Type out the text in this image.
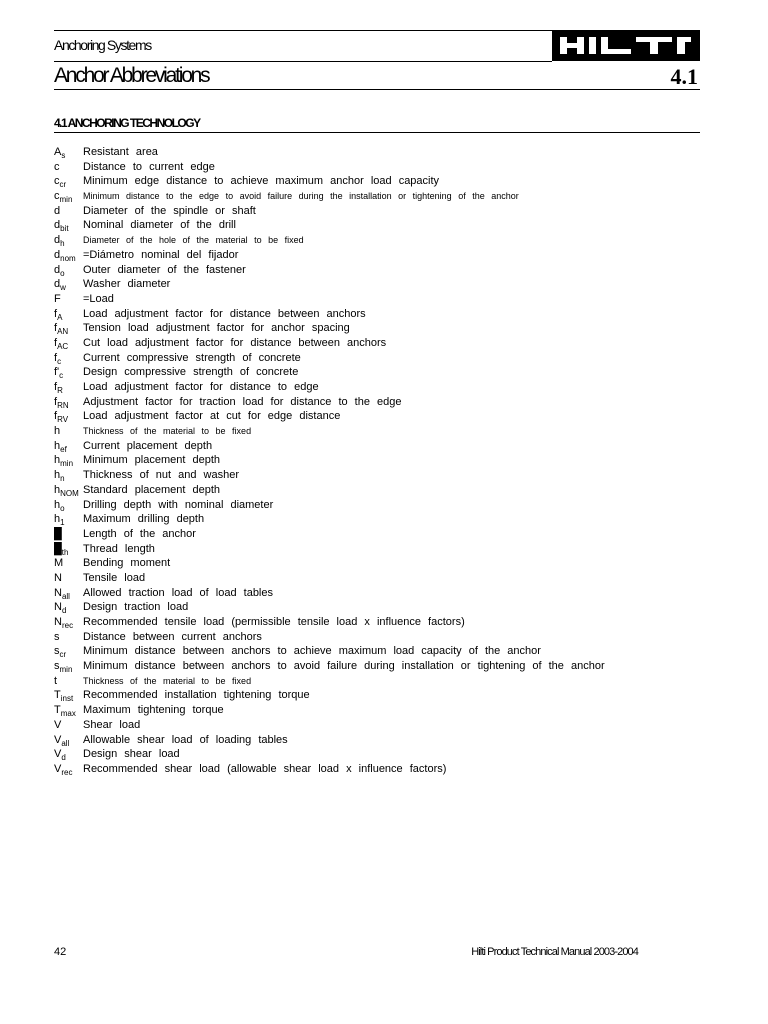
Anchoring Systems
Anchor Abbreviations	4.1
4.1 ANCHORING TECHNOLOGY
$A_s$ Resistant area
c Distance to current edge
$c_{cr}$ Minimum edge distance to achieve maximum anchor load capacity
$c_{min}$ Minimum distance to the edge to avoid failure during the installation or tightening of the anchor
d Diameter of the spindle or shaft
$d_{bit}$ Nominal diameter of the drill
$d_h$ Diameter of the hole of the material to be fixed
$d_{nom}$ =Diámetro nominal del fijador
$d_o$ Outer diameter of the fastener
$d_w$ Washer diameter
F =Load
$f_A$ Load adjustment factor for distance between anchors
$f_{AN}$ Tension load adjustment factor for anchor spacing
$f_{AC}$ Cut load adjustment factor for distance between anchors
$f_c$ Current compressive strength of concrete
$f'_c$ Design compressive strength of concrete
$f_R$ Load adjustment factor for distance to edge
$f_{RN}$ Adjustment factor for traction load for distance to the edge
$f_{RV}$ Load adjustment factor at cut for edge distance
h	Thickness of the material to be fixed
$h_{ef}$ Current placement depth
$h_{min}$ Minimum placement depth
$h_n$ Thickness of nut and washer
$h_{NOM}$ Standard placement depth
$h_o$ Drilling depth with nominal diameter
$h_1$ Maximum drilling depth
█ Length of the anchor
$█_{th}$ Thread length
M Bending moment
N Tensile load
$N_{all}$ Allowed traction load of load tables
$N_d$ Design traction load
$N_{rec}$ Recommended tensile load (permissible tensile load x influence factors)
s Distance between current anchors
$s_{cr}$ Minimum distance between anchors to achieve maximum load capacity of the anchor
$s_{min}$ Minimum distance between anchors to avoid failure during installation or tightening of the anchor
t	Thickness of the material to be fixed
$T_{inst}$ Recommended installation tightening torque
$T_{max}$ Maximum tightening torque
V Shear load
$V_{all}$ Allowable shear load of loading tables
$V_d$ Design shear load
$V_{rec}$ Recommended shear load (allowable shear load x influence factors)
42	Hilti Product Technical Manual 2003-2004
